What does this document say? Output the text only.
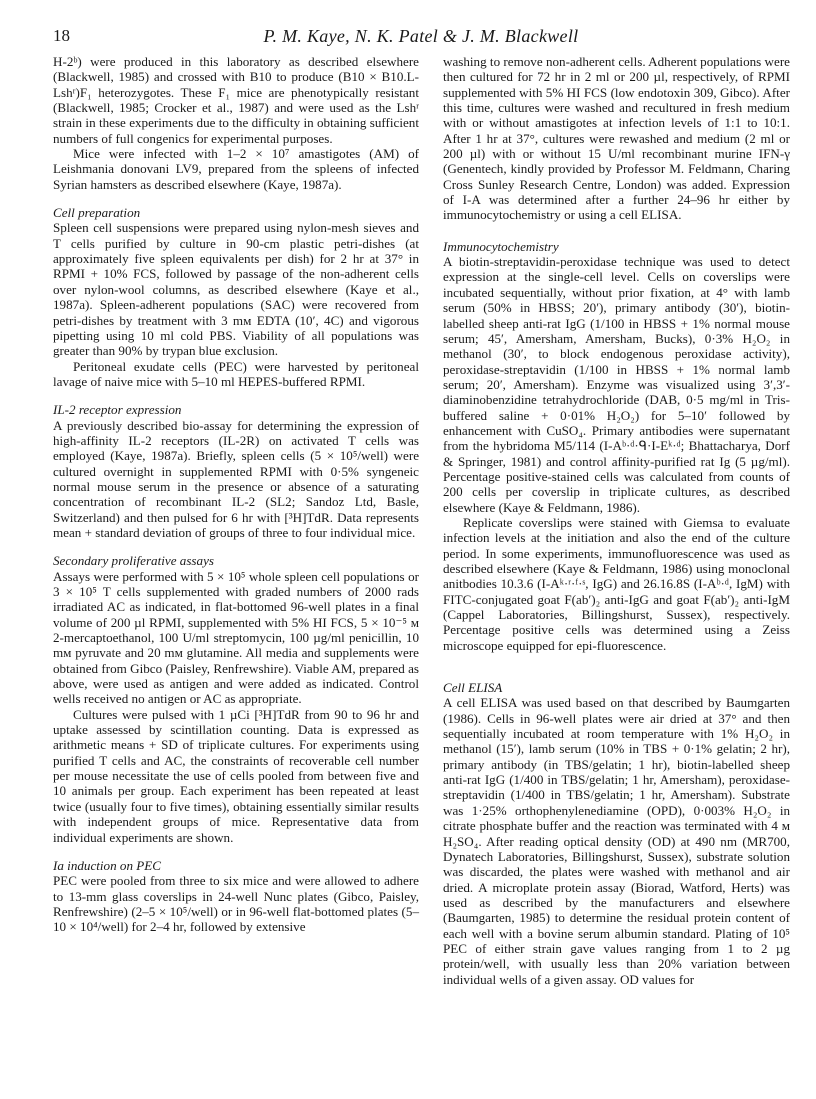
18	P. M. Kaye, N. K. Patel & J. M. Blackwell

H-2ᵇ) were produced in this laboratory as described elsewhere (Blackwell, 1985) and crossed with B10 to produce (B10 × B10.L-Lshʳ)F₁ heterozygotes. These F₁ mice are phenotypically resistant (Blackwell, 1985; Crocker et al., 1987) and were used as the Lshʳ strain in these experiments due to the difficulty in obtaining sufficient numbers of full congenics for experimental purposes.

Mice were infected with 1–2 × 10⁷ amastigotes (AM) of Leishmania donovani LV9, prepared from the spleens of infected Syrian hamsters as described elsewhere (Kaye, 1987a).

Cell preparation

Spleen cell suspensions were prepared using nylon-mesh sieves and T cells purified by culture in 90-cm plastic petri-dishes (at approximately five spleen equivalents per dish) for 2 hr at 37° in RPMI + 10% FCS, followed by passage of the non-adherent cells over nylon-wool columns, as described elsewhere (Kaye et al., 1987a). Spleen-adherent populations (SAC) were recovered from petri-dishes by treatment with 3 mᴍ EDTA (10′, 4C) and vigorous pipetting using 10 ml cold PBS. Viability of all populations was greater than 90% by trypan blue exclusion.

Peritoneal exudate cells (PEC) were harvested by peritoneal lavage of naive mice with 5–10 ml HEPES-buffered RPMI.

IL-2 receptor expression

A previously described bio-assay for determining the expression of high-affinity IL-2 receptors (IL-2R) on activated T cells was employed (Kaye, 1987a). Briefly, spleen cells (5 × 10⁵/well) were cultured overnight in supplemented RPMI with 0·5% syngeneic normal mouse serum in the presence or absence of a saturating concentration of recombinant IL-2 (SL2; Sandoz Ltd, Basle, Switzerland) and then pulsed for 6 hr with [³H]TdR. Data represents mean + standard deviation of groups of three to four individual mice.

Secondary proliferative assays

Assays were performed with 5 × 10⁵ whole spleen cell populations or 3 × 10⁵ T cells supplemented with graded numbers of 2000 rads irradiated AC as indicated, in flat-bottomed 96-well plates in a final volume of 200 µl RPMI, supplemented with 5% HI FCS, 5 × 10⁻⁵ ᴍ 2-mercaptoethanol, 100 U/ml streptomycin, 100 µg/ml penicillin, 10 mᴍ pyruvate and 20 mᴍ glutamine. All media and supplements were obtained from Gibco (Paisley, Renfrewshire). Viable AM, prepared as above, were used as antigen and were added as indicated. Control wells received no antigen or AC as appropriate.

Cultures were pulsed with 1 µCi [³H]TdR from 90 to 96 hr and uptake assessed by scintillation counting. Data is expressed as arithmetic means + SD of triplicate cultures. For experiments using purified T cells and AC, the constraints of recoverable cell number per mouse necessitate the use of cells pooled from between five and 10 animals per group. Each experiment has been repeated at least twice (usually four to five times), obtaining essentially similar results with independent groups of mice. Representative data from individual experiments are shown.

Ia induction on PEC

PEC were pooled from three to six mice and were allowed to adhere to 13-mm glass coverslips in 24-well Nunc plates (Gibco, Paisley, Renfrewshire) (2–5 × 10⁵/well) or in 96-well flat-bottomed plates (5–10 × 10⁴/well) for 2–4 hr, followed by extensive

washing to remove non-adherent cells. Adherent populations were then cultured for 72 hr in 2 ml or 200 µl, respectively, of RPMI supplemented with 5% HI FCS (low endotoxin 309, Gibco). After this time, cultures were washed and recultured in fresh medium with or without amastigotes at infection levels of 1:1 to 10:1. After 1 hr at 37°, cultures were rewashed and medium (2 ml or 200 µl) with or without 15 U/ml recombinant murine IFN-γ (Genentech, kindly provided by Professor M. Feldmann, Charing Cross Sunley Research Centre, London) was added. Expression of I-A was determined after a further 24–96 hr either by immunocytochemistry or using a cell ELISA.

Immunocytochemistry

A biotin-streptavidin-peroxidase technique was used to detect expression at the single-cell level. Cells on coverslips were incubated sequentially, without prior fixation, at 4° with lamb serum (50% in HBSS; 20′), primary antibody (30′), biotin-labelled sheep anti-rat IgG (1/100 in HBSS + 1% normal mouse serum; 45′, Amersham, Amersham, Bucks), 0·3% H₂O₂ in methanol (30′, to block endogenous peroxidase activity), peroxidase-streptavidin (1/100 in HBSS + 1% normal lamb serum; 20′, Amersham). Enzyme was visualized using 3′,3′-diaminobenzidine tetrahydrochloride (DAB, 0·5 mg/ml in Tris-buffered saline + 0·01% H₂O₂) for 5–10′ followed by enhancement with CuSO₄. Primary antibodies were supernatant from the hybridoma M5/114 (I-Aᵇ·ᵈ·ᑫ·I-Eᵏ·ᵈ; Bhattacharya, Dorf & Springer, 1981) and control affinity-purified rat Ig (5 µg/ml). Percentage positive-stained cells was calculated from counts of 200 cells per coverslip in triplicate cultures, as described elsewhere (Kaye & Feldmann, 1986).

Replicate coverslips were stained with Giemsa to evaluate infection levels at the initiation and also the end of the culture period. In some experiments, immunofluorescence was used as described elsewhere (Kaye & Feldmann, 1986) using monoclonal anitbodies 10.3.6 (I-Aᵏ·ʳ·ᶠ·ˢ, IgG) and 26.16.8S (I-Aᵇ·ᵈ, IgM) with FITC-conjugated goat F(ab′)₂ anti-IgG and goat F(ab′)₂ anti-IgM (Cappel Laboratories, Billingshurst, Sussex), respectively. Percentage positive cells was determined using a Zeiss microscope equipped for epi-fluorescence.

Cell ELISA

A cell ELISA was used based on that described by Baumgarten (1986). Cells in 96-well plates were air dried at 37° and then sequentially incubated at room temperature with 1% H₂O₂ in methanol (15′), lamb serum (10% in TBS + 0·1% gelatin; 2 hr), primary antibody (in TBS/gelatin; 1 hr), biotin-labelled sheep anti-rat IgG (1/400 in TBS/gelatin; 1 hr, Amersham), peroxidase-streptavidin (1/400 in TBS/gelatin; 1 hr, Amersham). Substrate was 1·25% orthophenylenediamine (OPD), 0·003% H₂O₂ in citrate phosphate buffer and the reaction was terminated with 4 ᴍ H₂SO₄. After reading optical density (OD) at 490 nm (MR700, Dynatech Laboratories, Billingshurst, Sussex), substrate solution was discarded, the plates were washed with methanol and air dried. A microplate protein assay (Biorad, Watford, Herts) was used as described by the manufacturers and elsewhere (Baumgarten, 1985) to determine the residual protein content of each well with a bovine serum albumin standard. Plating of 10⁵ PEC of either strain gave values ranging from 1 to 2 µg protein/well, with usually less than 20% variation between individual wells of a given assay. OD values for
